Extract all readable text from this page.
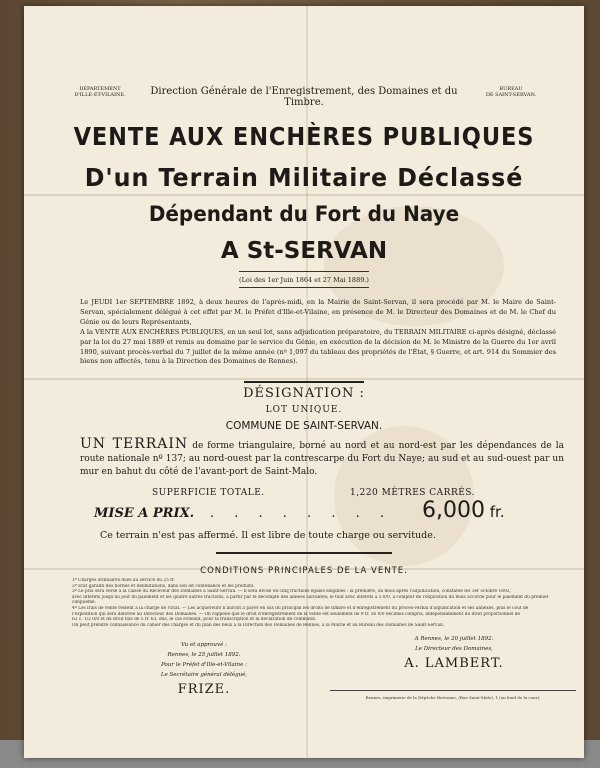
DÉPARTEMENT
D'ILLE-ET-VILAINE.	Direction Générale de l'Enregistrement, des Domaines et du Timbre.
BUREAU
DE SAINT-SERVAN.
VENTE AUX ENCHÈRES PUBLIQUES
D'un Terrain Militaire Déclassé
Dépendant du Fort du Naye
A St-SERVAN
(Loi des 1er Juin 1864 et 27 Mai 1889.)
Le JEUDI 1er SEPTEMBRE 1892, à deux heures de l'après-midi, en la Mairie de Saint-Servan, il sera procédé par M. le Maire de Saint-Servan, spécialement délégué à cet effet par M. le Préfet d'Ille-et-Vilaine, en présence de M. le Directeur des Domaines et de M. le Chef du Génie ou de leurs Représentants,
A la VENTE AUX ENCHÈRES PUBLIQUES, en un seul lot, sans adjudication préparatoire, du TERRAIN MILITAIRE ci-après désigné, déclassé par la loi du 27 mai 1889 et remis au domaine par le service du Génie, en exécution de la décision de M. le Ministre de la Guerre du 1er avril 1890, suivant procès-verbal du 7 juillet de la même année (nº 1,097 du tableau des propriétés de l'État, § Guerre, et art. 914 du Sommier des biens non affectés, tenu à la Direction des Domaines de Rennes).
DÉSIGNATION :
LOT UNIQUE.
COMMUNE DE SAINT-SERVAN.
UN TERRAIN de forme triangulaire, borné au nord et au nord-est par les dépendances de la route nationale nº 137; au nord-ouest par la contrescarpe du Fort du Naye; au sud et au sud-ouest par un mur en bahut du côté de l'avant-port de Saint-Malo.
SUPERFICIE TOTALE.	1,220 MÈTRES CARRÉS.
MISE A PRIX. . . . . . . . . 6,000 fr.
Ce terrain n'est pas affermé. Il est libre de toute charge ou servitude.
CONDITIONS PRINCIPALES DE LA VENTE.
1º Charges ordinaires dues au service du 25 fr.
2º État garanti des bornes et délimitations, dans son lot contenance et les produits.
3º Le prix sera versé à la caisse du Receveur des Domaines à Saint-Servan. — Il sera divisé en cinq fractions égales exigibles : la première, un mois après l'adjudication, constatée les 1er octobre 1892,
avec intérêts jusqu'au jour du paiement et les quatre autres fractions, à partir par le décompte des années suivantes; le tout avec intérêts à 5 0/0, à compter de l'expiration du mois accordé pour le paiement du premier
cinquième.
4º Les frais de vente restent à la charge de l'État. — Les acquéreurs n'auront à payer en sus du principal les droits de timbre et d'enregistrement du procès-verbal d'adjudication et ses annexes, plus le coût de
l'expédition qui sera délivrée au Directeur des Domaines. — On rappelle que le droit d'enregistrement de la vente est seulement de 9 fr. 56 0/0 décimes compris, indépendamment du droit proportionnel de
62 c. 1/2 0/0 et du droit fixe de 5 fr. 63, dus, le cas échéant, pour la transcription et la déclaration de command.
On peut prendre connaissance du cahier des charges et du plan des lieux à la Direction des Domaines de Rennes, à la Mairie et au Bureau des Domaines de Saint-Servan.
Vu et approuvé :
Rennes, le 25 juillet 1892.
Pour le Préfet d'Ille-et-Vilaine :
Le Secrétaire général délégué,
FRIZE.
A Rennes, le 20 juillet 1892.
Le Directeur des Domaines,
A. LAMBERT.
Rennes, imprimerie de la Dépêche Bretonne, (Rue Saint-Malo), 1 (au fond de la cour).
